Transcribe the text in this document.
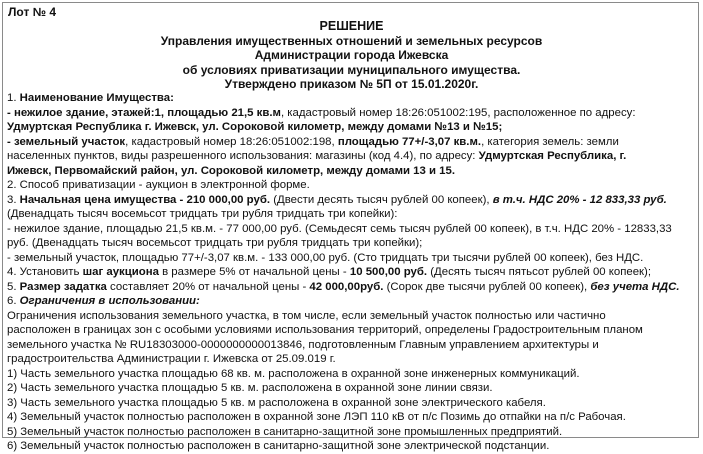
Лот № 4
РЕШЕНИЕ
Управления имущественных отношений и земельных ресурсов
Администрации города Ижевска
об условиях приватизации муниципального имущества.
Утверждено приказом № 5П от 15.01.2020г.
1. Наименование Имущества:
- нежилое здание, этажей:1, площадью 21,5 кв.м, кадастровый номер 18:26:051002:195, расположенное по адресу:
Удмуртская Республика г. Ижевск, ул. Сороковой километр, между домами №13 и №15;
- земельный участок, кадастровый номер 18:26:051002:198, площадью 77+/-3,07 кв.м., категория земель: земли
населенных пунктов, виды разрешенного использования: магазины (код 4.4), по адресу: Удмуртская Республика, г.
Ижевск, Первомайский район, ул. Сороковой километр, между домами 13 и 15.
2. Способ приватизации - аукцион в электронной форме.
3. Начальная цена имущества - 210 000,00 руб. (Двести десять тысяч рублей 00 копеек), в т.ч. НДС 20% - 12 833,33 руб.
(Двенадцать тысяч восемьсот тридцать три рубля тридцать три копейки):
- нежилое здание, площадью 21,5 кв.м. - 77 000,00 руб. (Семьдесят семь тысяч рублей 00 копеек), в т.ч. НДС 20% - 12833,33
руб. (Двенадцать тысяч восемьсот тридцать три рубля тридцать три копейки);
- земельный участок, площадью 77+/-3,07 кв.м. - 133 000,00 руб. (Сто тридцать три тысячи рублей 00 копеек), без НДС.
4. Установить шаг аукциона в размере 5% от начальной цены - 10 500,00 руб. (Десять тысяч пятьсот рублей 00 копеек);
5. Размер задатка составляет 20% от начальной цены - 42 000,00руб. (Сорок две тысячи рублей 00 копеек), без учета НДС.
6. Ограничения в использовании:
Ограничения использования земельного участка, в том числе, если земельный участок полностью или частично
расположен в границах зон с особыми условиями использования территорий, определены Градостроительным планом
земельного участка № RU18303000-0000000000013846, подготовленным Главным управлением архитектуры и
градостроительства Администрации г. Ижевска от 25.09.019 г.
1) Часть земельного участка площадью 68 кв. м. расположена в охранной зоне инженерных коммуникаций.
2) Часть земельного участка площадью 5 кв. м. расположена в охранной зоне линии связи.
3) Часть земельного участка площадью 5 кв. м расположена в охранной зоне электрического кабеля.
4) Земельный участок полностью расположен в охранной зоне ЛЭП 110 кВ от п/с Позимь до отпайки на п/с Рабочая.
5) Земельный участок полностью расположен в санитарно-защитной зоне промышленных предприятий.
6) Земельный участок полностью расположен в санитарно-защитной зоне электрической подстанции.
